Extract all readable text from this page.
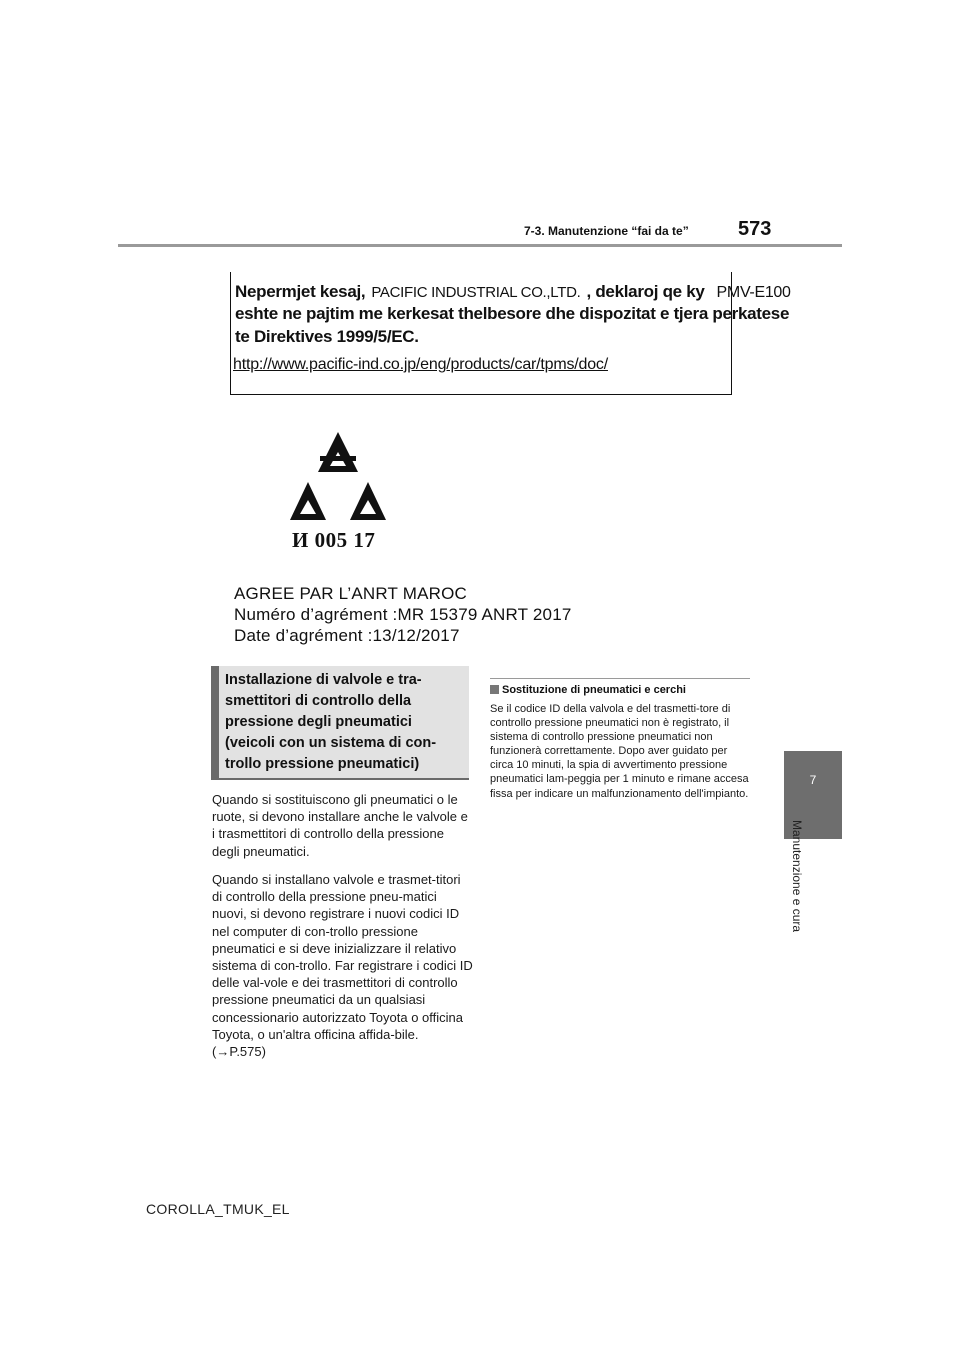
7-3. Manutenzione “fai da te” 573
7
Manutenzione e cura
Nepermjet kesaj, PACIFIC INDUSTRIAL CO.,LTD. , deklaroj qe ky PMV-E100
eshte ne pajtim me kerkesat thelbesore dhe dispozitat e tjera perkatese
te Direktives 1999/5/EC.
http://www.pacific-ind.co.jp/eng/products/car/tpms/doc/
И 005 17
AGREE PAR L’ANRT MAROC
Numéro d’agrément :MR 15379 ANRT 2017
Date d’agrément :13/12/2017
Installazione di valvole e tra-smettitori di controllo della pressione degli pneumatici (veicoli con un sistema di con-trollo pressione pneumatici)

Quando si sostituiscono gli pneumatici o le ruote, si devono installare anche le valvole e i trasmettitori di controllo della pressione degli pneumatici.

Quando si installano valvole e trasmet-titori di controllo della pressione pneu-matici nuovi, si devono registrare i nuovi codici ID nel computer di con-trollo pressione pneumatici e si deve inizializzare il relativo sistema di con-trollo. Far registrare i codici ID delle val-vole e dei trasmettitori di controllo pressione pneumatici da un qualsiasi concessionario autorizzato Toyota o officina Toyota, o un'altra officina affida-bile. (→P.575)

Sostituzione di pneumatici e cerchi

Se il codice ID della valvola e del trasmetti-tore di controllo pressione pneumatici non è registrato, il sistema di controllo pressione pneumatici non funzionerà correttamente. Dopo aver guidato per circa 10 minuti, la spia di avvertimento pressione pneumatici lam-peggia per 1 minuto e rimane accesa fissa per indicare un malfunzionamento dell'impianto.

COROLLA_TMUK_EL
